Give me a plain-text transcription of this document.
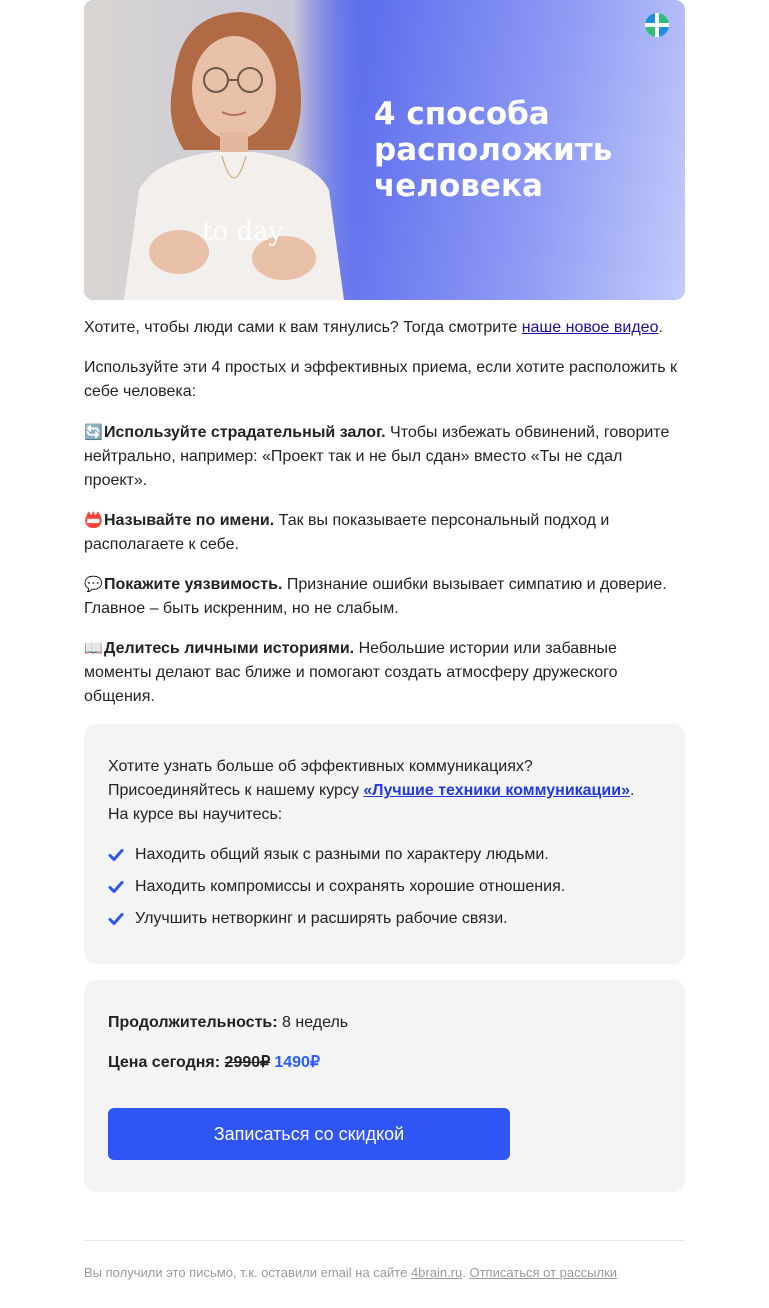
to day
4 способа
расположить
человека

Хотите, чтобы люди сами к вам тянулись? Тогда смотрите наше новое видео.

Используйте эти 4 простых и эффективных приема, если хотите расположить к себе человека:

🔄Используйте страдательный залог. Чтобы избежать обвинений, говорите нейтрально, например: «Проект так и не был сдан» вместо «Ты не сдал проект».

📛Называйте по имени. Так вы показываете персональный подход и располагаете к себе.

💬Покажите уязвимость. Признание ошибки вызывает симпатию и доверие. Главное – быть искренним, но не слабым.

📖Делитесь личными историями. Небольшие истории или забавные моменты делают вас ближе и помогают создать атмосферу дружеского общения.

Хотите узнать больше об эффективных коммуникациях?
Присоединяйтесь к нашему курсу «Лучшие техники коммуникации».
На курсе вы научитесь:
Находить общий язык с разными по характеру людьми.
Находить компромиссы и сохранять хорошие отношения.
Улучшить нетворкинг и расширять рабочие связи.
Продолжительность: 8 недель
Цена сегодня: 2990₽ 1490₽
Записаться со скидкой

Вы получили это письмо, т.к. оставили email на сайте 4brain.ru. Отписаться от рассылки
